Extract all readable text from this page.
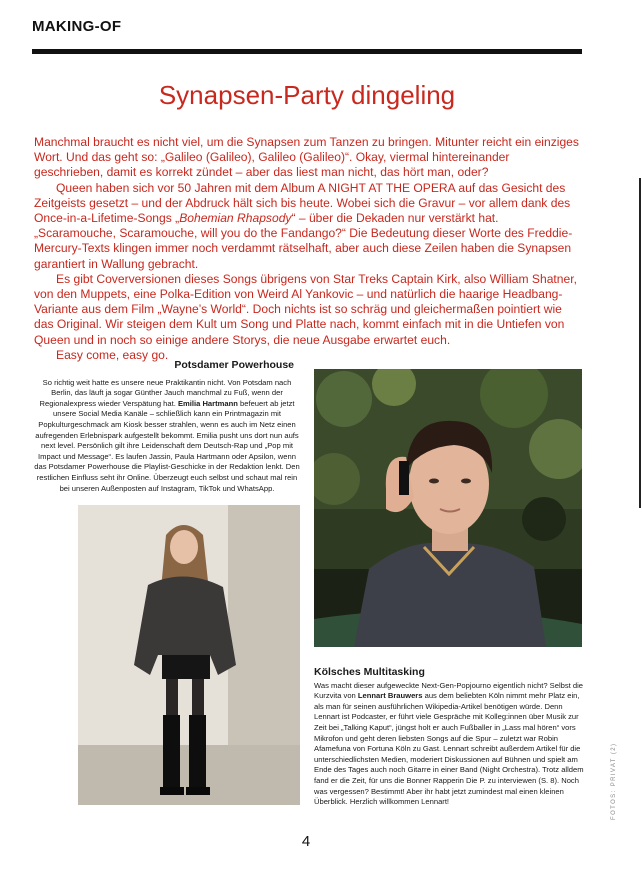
MAKING-OF
Synapsen-Party dingeling

Manchmal braucht es nicht viel, um die Synapsen zum Tanzen zu bringen. Mitunter reicht ein einziges Wort. Und das geht so: „Galileo (Galileo), Galileo (Galileo)“. Okay, viermal hintereinander geschrieben, damit es korrekt zündet – aber das liest man nicht, das hört man, oder?

Queen haben sich vor 50 Jahren mit dem Album A NIGHT AT THE OPERA auf das Gesicht des Zeitgeists gesetzt – und der Abdruck hält sich bis heute. Wobei sich die Gravur – vor allem dank des Once-in-a-Lifetime-Songs „Bohemian Rhapsody“ – über die Dekaden nur verstärkt hat. „Scaramouche, Scaramouche, will you do the Fandango?“ Die Bedeutung dieser Worte des Freddie-Mercury-Texts klingen immer noch verdammt rätselhaft, aber auch diese Zeilen haben die Synapsen garantiert in Wallung gebracht.

Es gibt Coverversionen dieses Songs übrigens von Star Treks Captain Kirk, also William Shatner, von den Muppets, eine Polka-Edition von Weird Al Yankovic – und natürlich die haarige Headbang-Variante aus dem Film „Wayne’s World“. Doch nichts ist so schräg und gleichermaßen pointiert wie das Original. Wir steigen dem Kult um Song und Platte nach, kommt einfach mit in die Untiefen von Queen und in noch so einige andere Storys, die neue Ausgabe erwartet euch.

Easy come, easy go.

Potsdamer Powerhouse

So richtig weit hatte es unsere neue Praktikantin nicht. Von Potsdam nach Berlin, das läuft ja sogar Günther Jauch manchmal zu Fuß, wenn der Regionalexpress wieder Verspätung hat. Emilia Hartmann befeuert ab jetzt unsere Social Media Kanäle – schließlich kann ein Printmagazin mit Popkulturgeschmack am Kiosk besser strahlen, wenn es auch im Netz einen aufregenden Erlebnispark aufgestellt bekommt. Emilia pusht uns dort nun aufs next level. Persönlich gilt ihre Leidenschaft dem Deutsch-Rap und „Pop mit Impact und Message“. Es laufen Jassin, Paula Hartmann oder Apsilon, wenn das Potsdamer Powerhouse die Playlist-Geschicke in der Redaktion lenkt. Den restlichen Einfluss seht ihr Online. Überzeugt euch selbst und schaut mal rein bei unseren Außenposten auf Instagram, TikTok und WhatsApp.

Kölsches Multitasking

Was macht dieser aufgeweckte Next-Gen-Popjourno eigentlich nicht? Selbst die Kurzvita von Lennart Brauwers aus dem beliebten Köln nimmt mehr Platz ein, als man für seinen ausführlichen Wikipedia-Artikel benötigen würde. Denn Lennart ist Podcaster, er führt viele Gespräche mit Kolleg:innen über Musik zur Zeit bei „Talking Kaput“, jüngst holt er auch Fußballer in „Lass mal hören“ vors Mikrofon und geht deren liebsten Songs auf die Spur – zuletzt war Robin Afamefuna von Fortuna Köln zu Gast. Lennart schreibt außerdem Artikel für die unterschiedlichsten Medien, moderiert Diskussionen auf Bühnen und spielt am Ende des Tages auch noch Gitarre in einer Band (Night Orchestra). Trotz alldem fand er die Zeit, für uns die Bonner Rapperin Die P. zu interviewen (S. 8). Noch was vergessen? Bestimmt! Aber ihr habt jetzt zumindest mal einen kleinen Überblick. Herzlich willkommen Lennart!	FOTOS: PRIVAT (2)
4
